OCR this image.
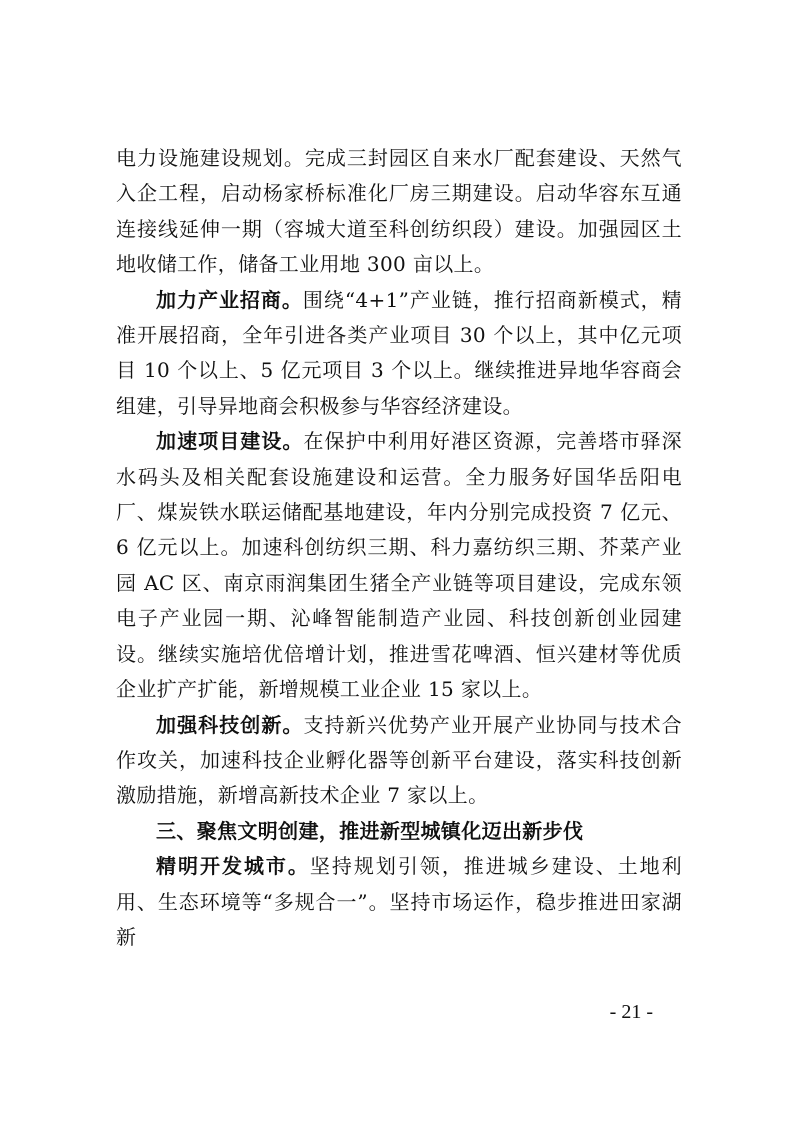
电力设施建设规划。完成三封园区自来水厂配套建设、天然气入企工程，启动杨家桥标准化厂房三期建设。启动华容东互通连接线延伸一期（容城大道至科创纺织段）建设。加强园区土地收储工作，储备工业用地 300 亩以上。

加力产业招商。围绕“4+1”产业链，推行招商新模式，精准开展招商，全年引进各类产业项目 30 个以上，其中亿元项目 10 个以上、5 亿元项目 3 个以上。继续推进异地华容商会组建，引导异地商会积极参与华容经济建设。

加速项目建设。在保护中利用好港区资源，完善塔市驿深水码头及相关配套设施建设和运营。全力服务好国华岳阳电厂、煤炭铁水联运储配基地建设，年内分别完成投资 7 亿元、6 亿元以上。加速科创纺织三期、科力嘉纺织三期、芥菜产业园 AC 区、南京雨润集团生猪全产业链等项目建设，完成东领电子产业园一期、沁峰智能制造产业园、科技创新创业园建设。继续实施培优倍增计划，推进雪花啤酒、恒兴建材等优质企业扩产扩能，新增规模工业企业 15 家以上。

加强科技创新。支持新兴优势产业开展产业协同与技术合作攻关，加速科技企业孵化器等创新平台建设，落实科技创新激励措施，新增高新技术企业 7 家以上。

三、聚焦文明创建，推进新型城镇化迈出新步伐

精明开发城市。坚持规划引领，推进城乡建设、土地利用、生态环境等“多规合一”。坚持市场运作，稳步推进田家湖新

- 21 -
